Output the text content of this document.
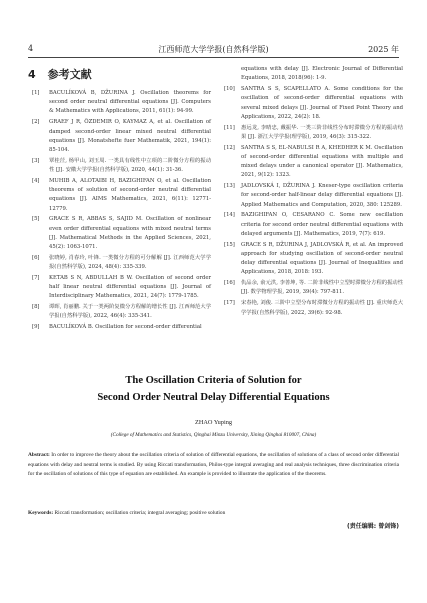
4	江西师范大学学报(自然科学版)	2025 年
4 参考文献
[1] BACULÍKOVÁ B, DŽURINA J. Oscillation theorems for second order neutral differential equations [J]. Computers & Mathematics with Applications, 2011, 61(1): 94-99.
[2] GRAEF J R, ÖZDEMIR O, KAYMAZ A, et al. Oscillation of damped second-order linear mixed neutral differential equations [J]. Monatshefte fuer Mathematik, 2021, 194(1): 85-104.
[3] 覃桂茳, 杨甲山, 刘玉周. 一类具有线性中立项的二阶微分方程的振动性 [J]. 安徽大学学报(自然科学版), 2020, 44(1): 31-36.
[4] MUHIB A, ALOTAIBI H, BAZIGHIFAN O, et al. Oscillation theorems of solution of second-order neutral differential equations [J]. AIMS Mathematics, 2021, 6(11): 12771-12779.
[5] GRACE S R, ABBAS S, SAJID M. Oscillation of nonlinear even order differential equations with mixed neutral terms [J]. Mathematical Methods in the Applied Sciences, 2021, 45(2): 1063-1071.
[6] 张晓婷, 肖春玲, 叶锋. 一类微分方程的可分解解 [J]. 江西师范大学学报(自然科学版), 2024, 48(4): 335-339.
[7] KETAB S N, ABDULLAH B W. Oscillation of second order half linear neutral differential equations [J]. Journal of Interdisciplinary Mathematics, 2021, 24(7): 1779-1785.
[8] 谭晖, 肖丽鹏. 关于一类两阶复微分方程解的增长性 [J]. 江西师范大学学报(自然科学版), 2022, 46(4): 335-341.
[9] BACULÍKOVÁ B. Oscillation for second-order differential
equations with delay [J]. Electronic Journal of Differential Equations, 2018, 2018(96): 1-9.
[10] SANTRA S S, SCAPELLATO A. Some conditions for the oscillation of second-order differential equations with several mixed delays [J]. Journal of Fixed Point Theory and Applications, 2022, 24(2): 18.
[11] 惠远龙, 李晴忠, 戴振华. 一类三阶非线性分布时滞微分方程的振动结果 [J]. 浙江大学学报(理学版), 2019, 46(3): 315-322.
[12] SANTRA S S, EL-NABULSI R A, KHEDHER K M. Oscillation of second-order differential equations with multiple and mixed delays under a canonical operator [J]. Mathematics, 2021, 9(12): 1323.
[13] JADLOVSKÁ I, DŽURINA J. Kneser-type oscillation criteria for second-order half-linear delay differential equations [J]. Applied Mathematics and Computation, 2020, 380: 125289.
[14] BAZIGHIFAN O, CESARANO C. Some new oscillation criteria for second order neutral differential equations with delayed arguments [J]. Mathematics, 2019, 7(7): 619.
[15] GRACE S R, DŽURINA J, JADLOVSKÁ R, et al. An improved approach for studying oscillation of second-order neutral delay differential equations [J]. Journal of Inequalities and Applications, 2018, 2018: 193.
[16] 仇品余, 俞元洪, 李善坤, 等. 二阶非线性中立型时滞微分方程的振动性 [J]. 数学物理学报, 2019, 39(4): 797-811.
[17] 宋春艳, 刘俊. 三阶中立型分布时滞微分方程的振动性 [J]. 重庆师范大学学报(自然科学版), 2022, 39(6): 92-98.
The Oscillation Criteria of Solution for
Second Order Neutral Delay Differential Equations
ZHAO Yuping
(College of Mathematics and Statistics, Qinghai Minzu University, Xining Qinghai 810007, China)
Abstract: In order to improve the theory about the oscillation criteria of solution of differential equations, the oscillation of solutions of a class of second order differential equations with delay and neutral terms is studied. By using Riccati transformation, Philos-type integral averaging and real analysis techniques, three discrimination criteria for the oscillation of solutions of this type of equation are established. An example is provided to illustrate the application of the theorems.
Keywords: Riccati transformation; oscillation criteria; integral averaging; positive solution
(责任编辑: 曾剑锋)
